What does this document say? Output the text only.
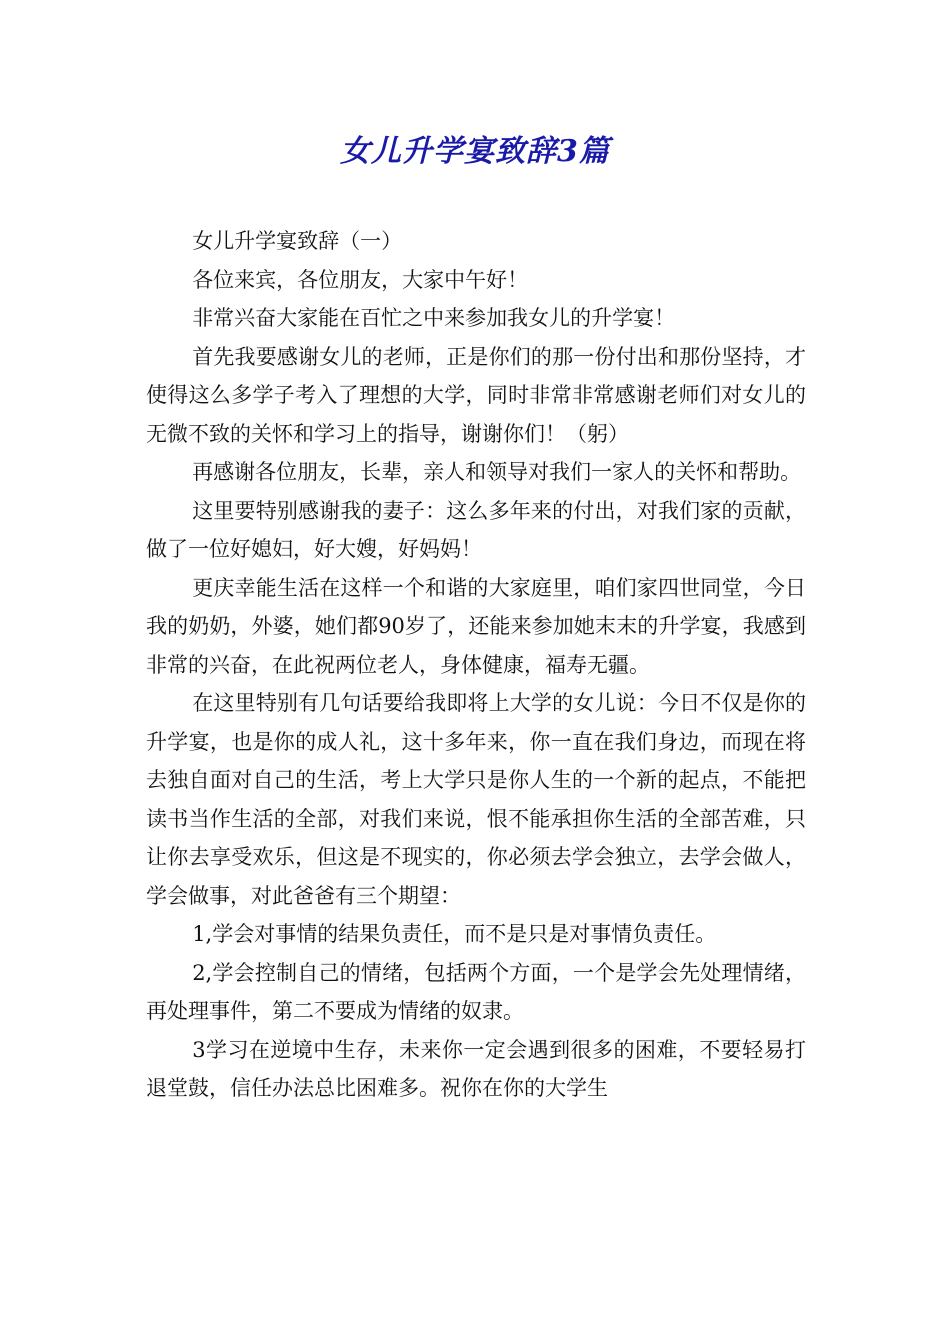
女儿升学宴致辞3篇

女儿升学宴致辞（一）

各位来宾，各位朋友，大家中午好！

非常兴奋大家能在百忙之中来参加我女儿的升学宴！

首先我要感谢女儿的老师，正是你们的那一份付出和那份坚持，才使得这么多学子考入了理想的大学，同时非常非常感谢老师们对女儿的无微不致的关怀和学习上的指导，谢谢你们！（躬）

再感谢各位朋友，长辈，亲人和领导对我们一家人的关怀和帮助。

这里要特别感谢我的妻子：这么多年来的付出，对我们家的贡献，做了一位好媳妇，好大嫂，好妈妈！

更庆幸能生活在这样一个和谐的大家庭里，咱们家四世同堂，今日我的奶奶，外婆，她们都90岁了，还能来参加她末末的升学宴，我感到非常的兴奋，在此祝两位老人，身体健康，福寿无疆。

在这里特别有几句话要给我即将上大学的女儿说：今日不仅是你的升学宴，也是你的成人礼，这十多年来，你一直在我们身边，而现在将去独自面对自己的生活，考上大学只是你人生的一个新的起点，不能把读书当作生活的全部，对我们来说，恨不能承担你生活的全部苦难，只让你去享受欢乐，但这是不现实的，你必须去学会独立，去学会做人，学会做事，对此爸爸有三个期望：

1,学会对事情的结果负责任，而不是只是对事情负责任。

2,学会控制自己的情绪，包括两个方面，一个是学会先处理情绪，再处理事件，第二不要成为情绪的奴隶。

3学习在逆境中生存，未来你一定会遇到很多的困难，不要轻易打退堂鼓，信任办法总比困难多。祝你在你的大学生
